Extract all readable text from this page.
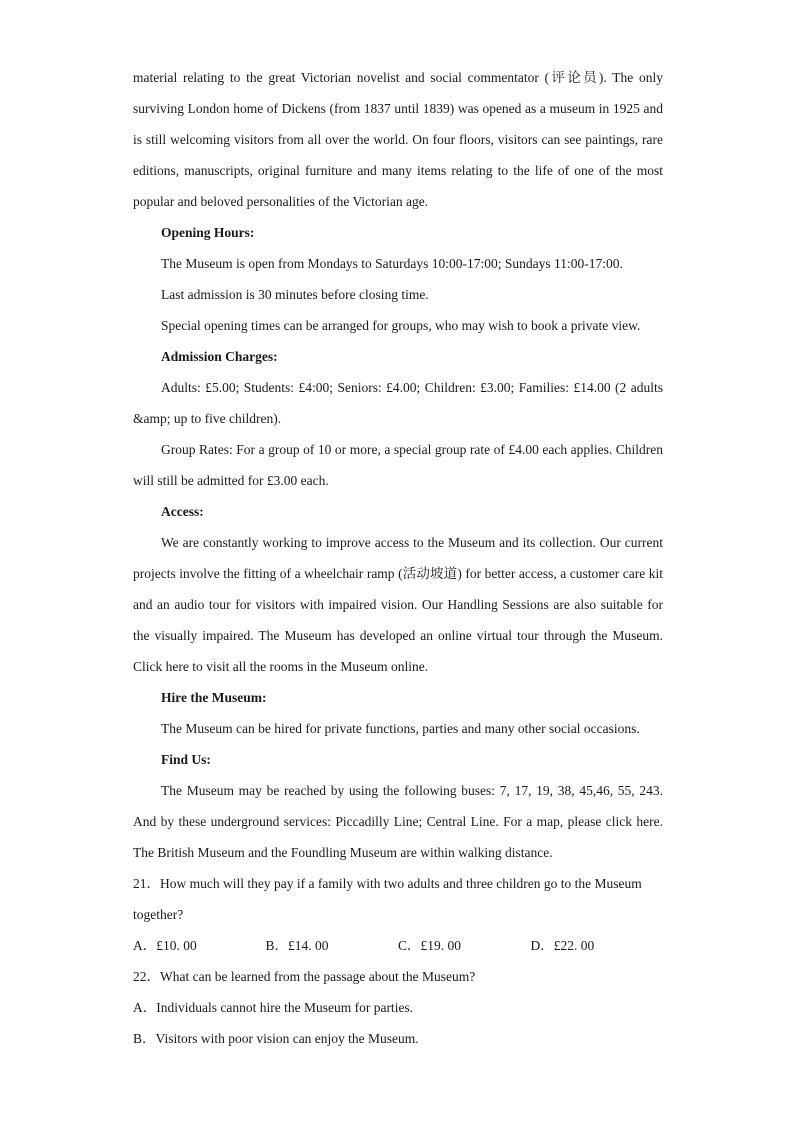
material relating to the great Victorian novelist and social commentator (评论员). The only surviving London home of Dickens (from 1837 until 1839) was opened as a museum in 1925 and is still welcoming visitors from all over the world. On four floors, visitors can see paintings, rare editions, manuscripts, original furniture and many items relating to the life of one of the most popular and beloved personalities of the Victorian age.

Opening Hours:

The Museum is open from Mondays to Saturdays 10:00-17:00; Sundays 11:00-17:00.

Last admission is 30 minutes before closing time.

Special opening times can be arranged for groups, who may wish to book a private view.

Admission Charges:

Adults: £5.00; Students: £4:00; Seniors: £4.00; Children: £3.00; Families: £14.00 (2 adults &amp; up to five children).

Group Rates: For a group of 10 or more, a special group rate of £4.00 each applies. Children will still be admitted for £3.00 each.

Access:

We are constantly working to improve access to the Museum and its collection. Our current projects involve the fitting of a wheelchair ramp (活动坡道) for better access, a customer care kit and an audio tour for visitors with impaired vision. Our Handling Sessions are also suitable for the visually impaired. The Museum has developed an online virtual tour through the Museum. Click here to visit all the rooms in the Museum online.

Hire the Museum:

The Museum can be hired for private functions, parties and many other social occasions.

Find Us:

The Museum may be reached by using the following buses: 7, 17, 19, 38, 45,46, 55, 243. And by these underground services: Piccadilly Line; Central Line. For a map, please click here. The British Museum and the Foundling Museum are within walking distance.

21．How much will they pay if a family with two adults and three children go to the Museum together?

A．£10. 00	B．£14. 00	C．£19. 00	D．£22. 00

22．What can be learned from the passage about the Museum?

A．Individuals cannot hire the Museum for parties.

B．Visitors with poor vision can enjoy the Museum.
